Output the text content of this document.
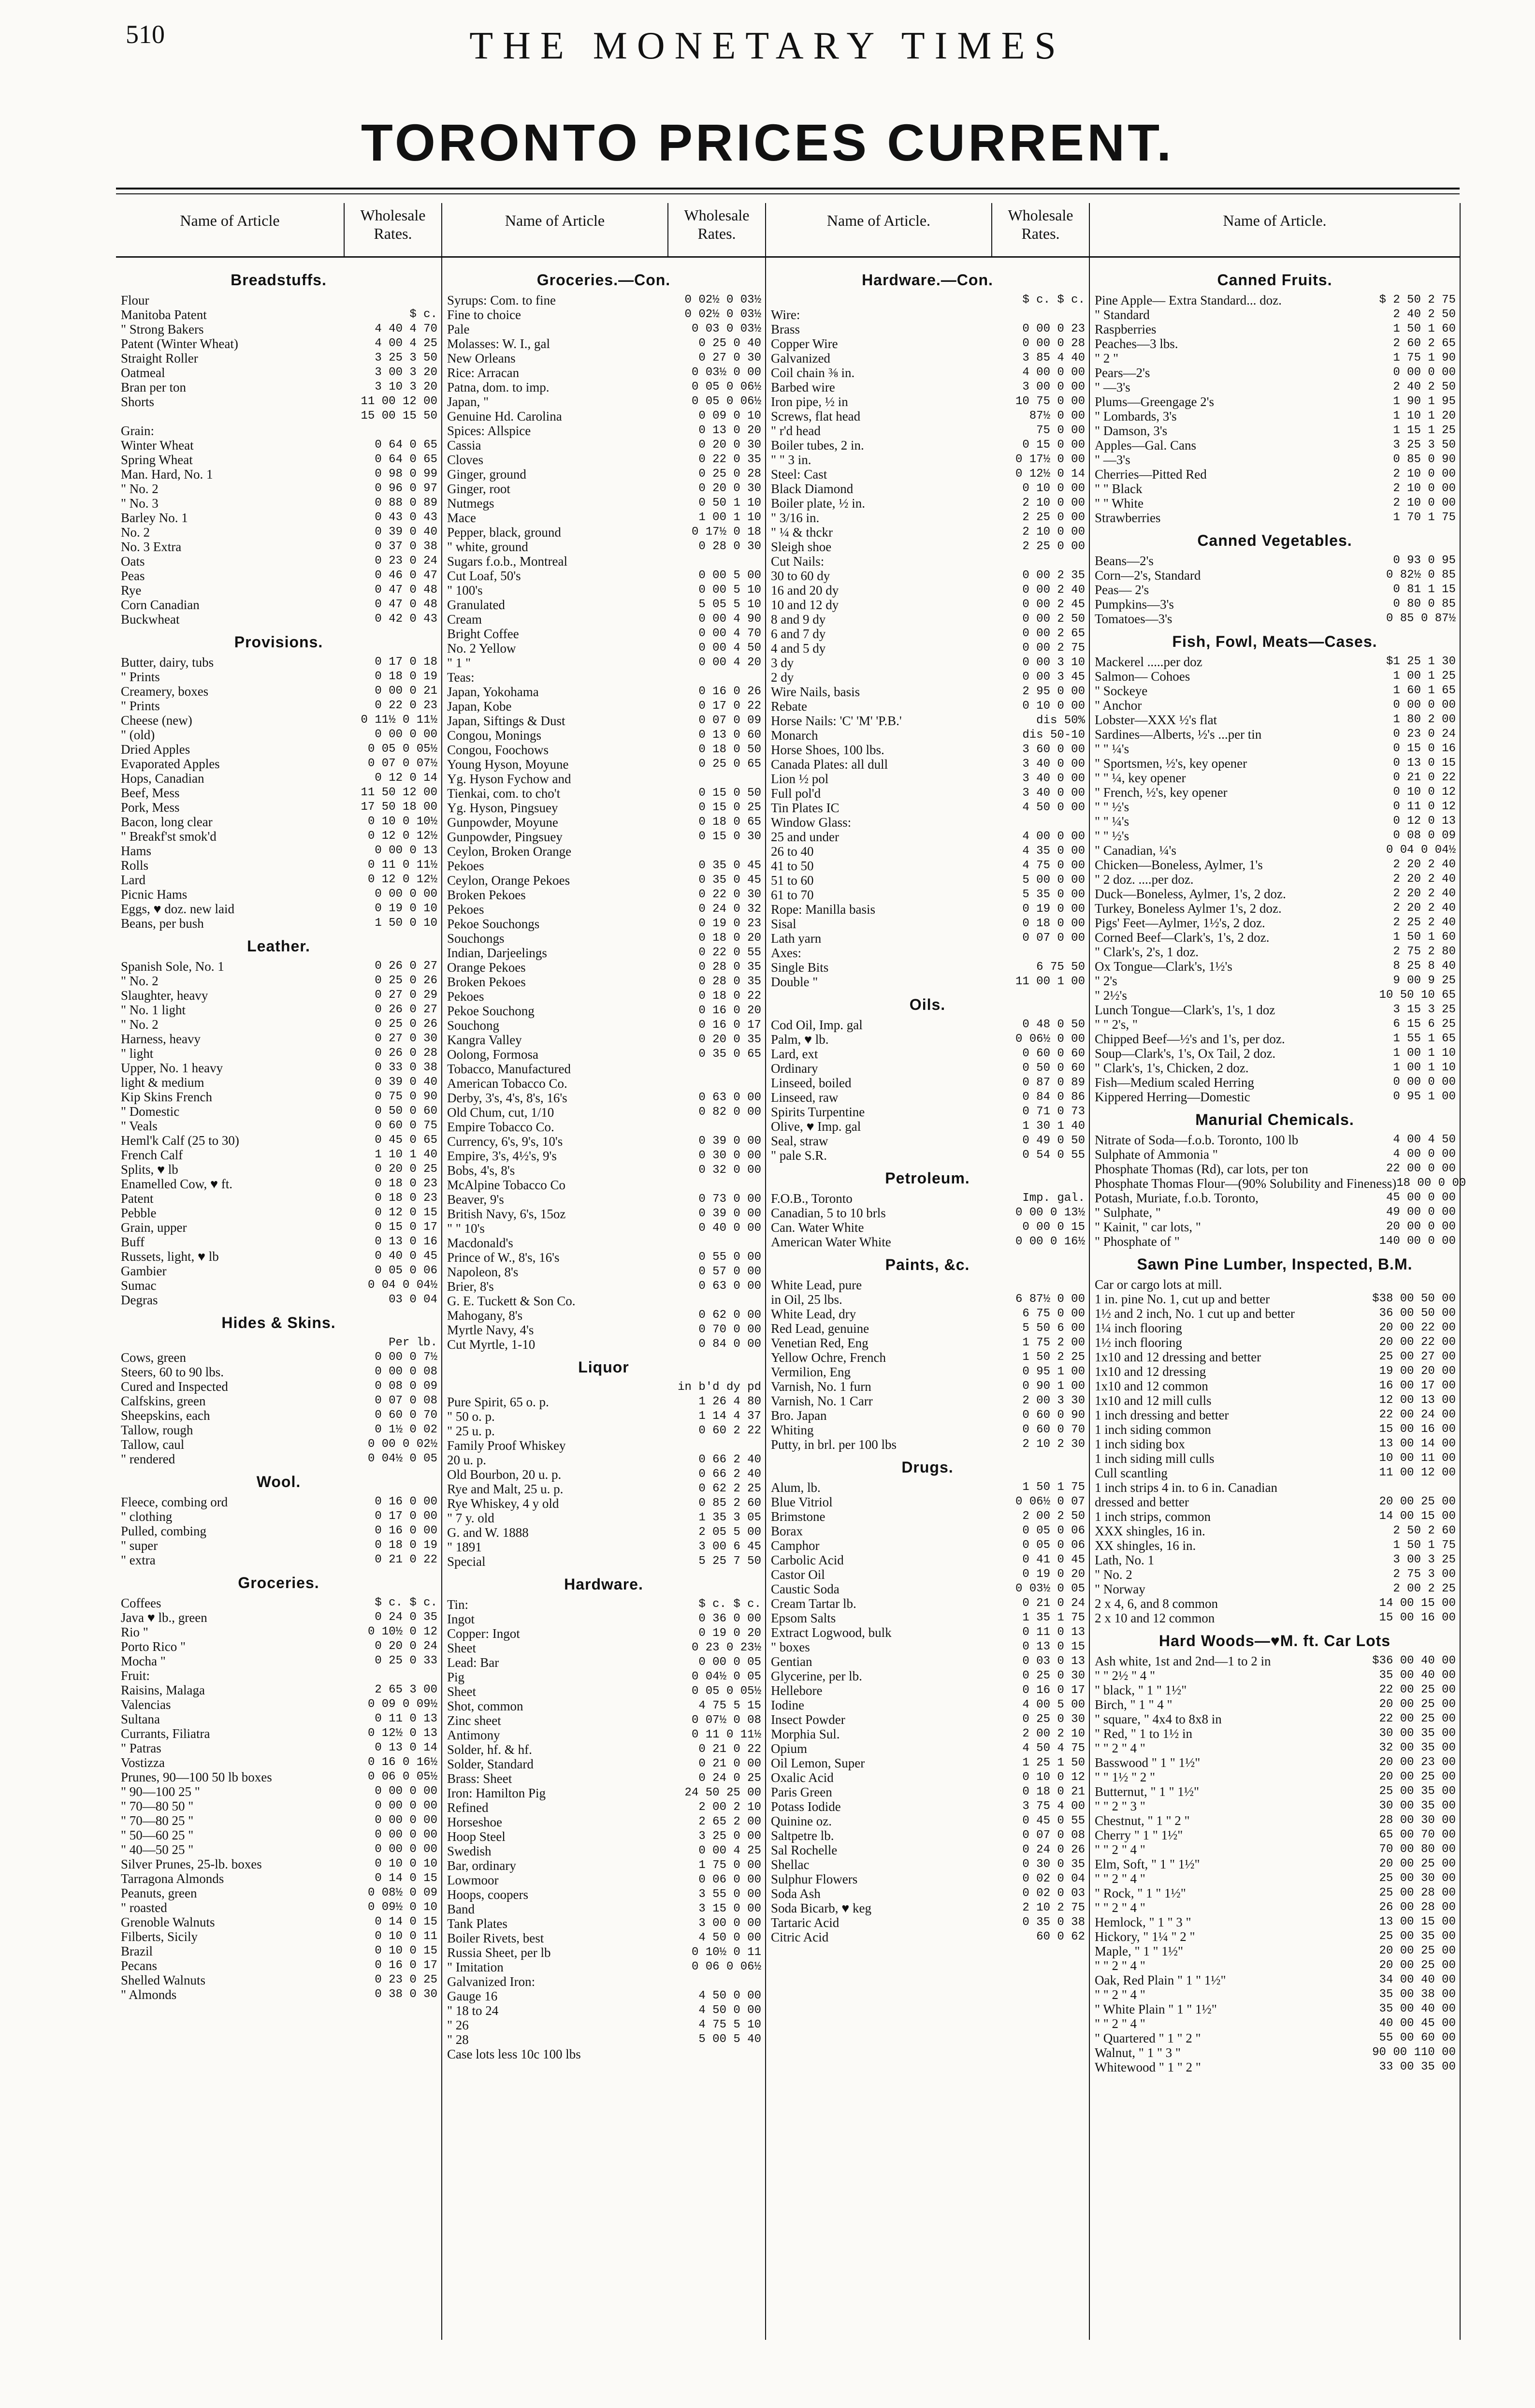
510	THE MONETARY TIMES
TORONTO PRICES CURRENT.
Name of Article	Wholesale Rates.
Breadstuffs.
Flour
Manitoba Patent	$ c.
" Strong Bakers	4 40 4 70
Patent (Winter Wheat)	4 00 4 25
Straight Roller	3 25 3 50
Oatmeal	3 00 3 20
Bran per ton	3 10 3 20
Shorts	11 00 12 00
15 00 15 50
Grain:
Winter Wheat	0 64 0 65
Spring Wheat	0 64 0 65
Man. Hard, No. 1	0 98 0 99
" No. 2	0 96 0 97
" No. 3	0 88 0 89
Barley No. 1	0 43 0 43
No. 2	0 39 0 40
No. 3 Extra	0 37 0 38
Oats	0 23 0 24
Peas	0 46 0 47
Rye	0 47 0 48
Corn Canadian	0 47 0 48
Buckwheat	0 42 0 43
Provisions.
Butter, dairy, tubs	0 17 0 18
" Prints	0 18 0 19
Creamery, boxes	0 00 0 21
" Prints	0 22 0 23
Cheese (new)	0 11½ 0 11½
" (old)	0 00 0 00
Dried Apples	0 05 0 05½
Evaporated Apples	0 07 0 07½
Hops, Canadian	0 12 0 14
Beef, Mess	11 50 12 00
Pork, Mess	17 50 18 00
Bacon, long clear	0 10 0 10½
" Breakf'st smok'd	0 12 0 12½
Hams	0 00 0 13
Rolls	0 11 0 11½
Lard	0 12 0 12½
Picnic Hams	0 00 0 00
Eggs, ♥ doz. new laid	0 19 0 10
Beans, per bush	1 50 0 10
Leather.
Spanish Sole, No. 1	0 26 0 27
" No. 2	0 25 0 26
Slaughter, heavy	0 27 0 29
" No. 1 light	0 26 0 27
" No. 2	0 25 0 26
Harness, heavy	0 27 0 30
" light	0 26 0 28
Upper, No. 1 heavy	0 33 0 38
light & medium	0 39 0 40
Kip Skins French	0 75 0 90
" Domestic	0 50 0 60
" Veals	0 60 0 75
Heml'k Calf (25 to 30)	0 45 0 65
French Calf	1 10 1 40
Splits, ♥ lb	0 20 0 25
Enamelled Cow, ♥ ft.	0 18 0 23
Patent	0 18 0 23
Pebble	0 12 0 15
Grain, upper	0 15 0 17
Buff	0 13 0 16
Russets, light, ♥ lb	0 40 0 45
Gambier	0 05 0 06
Sumac	0 04 0 04½
Degras	03 0 04
Hides & Skins.
Per lb.
Cows, green	0 00 0 7½
Steers, 60 to 90 lbs.	0 00 0 08
Cured and Inspected	0 08 0 09
Calfskins, green	0 07 0 08
Sheepskins, each	0 60 0 70
Tallow, rough	0 1½ 0 02
Tallow, caul	0 00 0 02½
" rendered	0 04½ 0 05
Wool.
Fleece, combing ord	0 16 0 00
" clothing	0 17 0 00
Pulled, combing	0 16 0 00
" super	0 18 0 19
" extra	0 21 0 22
Groceries.
Coffees	$ c. $ c.
Java ♥ lb., green	0 24 0 35
Rio "	0 10½ 0 12
Porto Rico "	0 20 0 24
Mocha "	0 25 0 33
Fruit:
Raisins, Malaga	2 65 3 00
Valencias	0 09 0 09½
Sultana	0 11 0 13
Currants, Filiatra	0 12½ 0 13
" Patras	0 13 0 14
Vostizza	0 16 0 16½
Prunes, 90—100 50 lb boxes	0 06 0 05½
" 90—100 25 "	0 00 0 00
" 70—80 50 "	0 00 0 00
" 70—80 25 "	0 00 0 00
" 50—60 25 "	0 00 0 00
" 40—50 25 "	0 00 0 00
Silver Prunes, 25-lb. boxes	0 10 0 10
Tarragona Almonds	0 14 0 15
Peanuts, green	0 08½ 0 09
" roasted	0 09½ 0 10
Grenoble Walnuts	0 14 0 15
Filberts, Sicily	0 10 0 11
Brazil	0 10 0 15
Pecans	0 16 0 17
Shelled Walnuts	0 23 0 25
" Almonds	0 38 0 30
Name of Article	Wholesale Rates.
Groceries.—Con.
Syrups: Com. to fine	0 02½ 0 03½
Fine to choice	0 02½ 0 03½
Pale	0 03 0 03½
Molasses: W. I., gal	0 25 0 40
New Orleans	0 27 0 30
Rice: Arracan	0 03½ 0 00
Patna, dom. to imp.	0 05 0 06½
Japan, "	0 05 0 06½
Genuine Hd. Carolina	0 09 0 10
Spices: Allspice	0 13 0 20
Cassia	0 20 0 30
Cloves	0 22 0 35
Ginger, ground	0 25 0 28
Ginger, root	0 20 0 30
Nutmegs	0 50 1 10
Mace	1 00 1 10
Pepper, black, ground	0 17½ 0 18
" white, ground	0 28 0 30
Sugars f.o.b., Montreal
Cut Loaf, 50's	0 00 5 00
" 100's	0 00 5 10
Granulated	5 05 5 10
Cream	0 00 4 90
Bright Coffee	0 00 4 70
No. 2 Yellow	0 00 4 50
" 1 "	0 00 4 20
Teas:
Japan, Yokohama	0 16 0 26
Japan, Kobe	0 17 0 22
Japan, Siftings & Dust	0 07 0 09
Congou, Monings	0 13 0 60
Congou, Foochows	0 18 0 50
Young Hyson, Moyune	0 25 0 65
Yg. Hyson Fychow and
Tienkai, com. to cho't	0 15 0 50
Yg. Hyson, Pingsuey	0 15 0 25
Gunpowder, Moyune	0 18 0 65
Gunpowder, Pingsuey	0 15 0 30
Ceylon, Broken Orange
Pekoes	0 35 0 45
Ceylon, Orange Pekoes	0 35 0 45
Broken Pekoes	0 22 0 30
Pekoes	0 24 0 32
Pekoe Souchongs	0 19 0 23
Souchongs	0 18 0 20
Indian, Darjeelings	0 22 0 55
Orange Pekoes	0 28 0 35
Broken Pekoes	0 28 0 35
Pekoes	0 18 0 22
Pekoe Souchong	0 16 0 20
Souchong	0 16 0 17
Kangra Valley	0 20 0 35
Oolong, Formosa	0 35 0 65
Tobacco, Manufactured
American Tobacco Co.
Derby, 3's, 4's, 8's, 16's	0 63 0 00
Old Chum, cut, 1/10	0 82 0 00
Empire Tobacco Co.
Currency, 6's, 9's, 10's	0 39 0 00
Empire, 3's, 4½'s, 9's	0 30 0 00
Bobs, 4's, 8's	0 32 0 00
McAlpine Tobacco Co
Beaver, 9's	0 73 0 00
British Navy, 6's, 15oz	0 39 0 00
" " 10's	0 40 0 00
Macdonald's
Prince of W., 8's, 16's	0 55 0 00
Napoleon, 8's	0 57 0 00
Brier, 8's	0 63 0 00
G. E. Tuckett & Son Co.
Mahogany, 8's	0 62 0 00
Myrtle Navy, 4's	0 70 0 00
Cut Myrtle, 1-10	0 84 0 00
Liquor
in b'd dy pd
Pure Spirit, 65 o. p.	1 26 4 80
" 50 o. p.	1 14 4 37
" 25 u. p.	0 60 2 22
Family Proof Whiskey
20 u. p.	0 66 2 40
Old Bourbon, 20 u. p.	0 66 2 40
Rye and Malt, 25 u. p.	0 62 2 25
Rye Whiskey, 4 y old	0 85 2 60
" 7 y. old	1 35 3 05
G. and W. 1888	2 05 5 00
" 1891	3 00 6 45
Special	5 25 7 50
Hardware.
Tin:	$ c. $ c.
Ingot	0 36 0 00
Copper: Ingot	0 19 0 20
Sheet	0 23 0 23½
Lead: Bar	0 00 0 05
Pig	0 04½ 0 05
Sheet	0 05 0 05½
Shot, common	4 75 5 15
Zinc sheet	0 07½ 0 08
Antimony	0 11 0 11½
Solder, hf. & hf.	0 21 0 22
Solder, Standard	0 21 0 00
Brass: Sheet	0 24 0 25
Iron: Hamilton Pig	24 50 25 00
Refined	2 00 2 10
Horseshoe	2 65 2 00
Hoop Steel	3 25 0 00
Swedish	0 00 4 25
Bar, ordinary	1 75 0 00
Lowmoor	0 06 0 00
Hoops, coopers	3 55 0 00
Band	3 15 0 00
Tank Plates	3 00 0 00
Boiler Rivets, best	4 50 0 00
Russia Sheet, per lb	0 10½ 0 11
" Imitation	0 06 0 06½
Galvanized Iron:
Gauge 16	4 50 0 00
" 18 to 24	4 50 0 00
" 26	4 75 5 10
" 28	5 00 5 40
Case lots less 10c 100 lbs
Name of Article.	Wholesale Rates.
Hardware.—Con.
$ c. $ c.
Wire:
Brass	0 00 0 23
Copper Wire	0 00 0 28
Galvanized	3 85 4 40
Coil chain ⅜ in.	4 00 0 00
Barbed wire	3 00 0 00
Iron pipe, ½ in	10 75 0 00
Screws, flat head	87½ 0 00
" r'd head	75 0 00
Boiler tubes, 2 in.	0 15 0 00
" " 3 in.	0 17½ 0 00
Steel: Cast	0 12½ 0 14
Black Diamond	0 10 0 00
Boiler plate, ½ in.	2 10 0 00
" 3/16 in.	2 25 0 00
" ¼ & thckr	2 10 0 00
Sleigh shoe	2 25 0 00
Cut Nails:
30 to 60 dy	0 00 2 35
16 and 20 dy	0 00 2 40
10 and 12 dy	0 00 2 45
8 and 9 dy	0 00 2 50
6 and 7 dy	0 00 2 65
4 and 5 dy	0 00 2 75
3 dy	0 00 3 10
2 dy	0 00 3 45
Wire Nails, basis	2 95 0 00
Rebate	0 10 0 00
Horse Nails: 'C' 'M' 'P.B.'	dis 50%
Monarch	dis 50-10
Horse Shoes, 100 lbs.	3 60 0 00
Canada Plates: all dull	3 40 0 00
Lion ½ pol	3 40 0 00
Full pol'd	3 40 0 00
Tin Plates IC	4 50 0 00
Window Glass:
25 and under	4 00 0 00
26 to 40	4 35 0 00
41 to 50	4 75 0 00
51 to 60	5 00 0 00
61 to 70	5 35 0 00
Rope: Manilla basis	0 19 0 00
Sisal	0 18 0 00
Lath yarn	0 07 0 00
Axes:
Single Bits	6 75 50
Double "	11 00 1 00
Oils.
Cod Oil, Imp. gal	0 48 0 50
Palm, ♥ lb.	0 06½ 0 00
Lard, ext	0 60 0 60
Ordinary	0 50 0 60
Linseed, boiled	0 87 0 89
Linseed, raw	0 84 0 86
Spirits Turpentine	0 71 0 73
Olive, ♥ Imp. gal	1 30 1 40
Seal, straw	0 49 0 50
" pale S.R.	0 54 0 55
Petroleum.
F.O.B., Toronto	Imp. gal.
Canadian, 5 to 10 brls	0 00 0 13½
Can. Water White	0 00 0 15
American Water White	0 00 0 16½
Paints, &c.
White Lead, pure
in Oil, 25 lbs.	6 87½ 0 00
White Lead, dry	6 75 0 00
Red Lead, genuine	5 50 6 00
Venetian Red, Eng	1 75 2 00
Yellow Ochre, French	1 50 2 25
Vermilion, Eng	0 95 1 00
Varnish, No. 1 furn	0 90 1 00
Varnish, No. 1 Carr	2 00 3 30
Bro. Japan	0 60 0 90
Whiting	0 60 0 70
Putty, in brl. per 100 lbs	2 10 2 30
Drugs.
Alum, lb.	1 50 1 75
Blue Vitriol	0 06½ 0 07
Brimstone	2 00 2 50
Borax	0 05 0 06
Camphor	0 05 0 06
Carbolic Acid	0 41 0 45
Castor Oil	0 19 0 20
Caustic Soda	0 03½ 0 05
Cream Tartar lb.	0 21 0 24
Epsom Salts	1 35 1 75
Extract Logwood, bulk	0 11 0 13
" boxes	0 13 0 15
Gentian	0 03 0 13
Glycerine, per lb.	0 25 0 30
Hellebore	0 16 0 17
Iodine	4 00 5 00
Insect Powder	0 25 0 30
Morphia Sul.	2 00 2 10
Opium	4 50 4 75
Oil Lemon, Super	1 25 1 50
Oxalic Acid	0 10 0 12
Paris Green	0 18 0 21
Potass Iodide	3 75 4 00
Quinine oz.	0 45 0 55
Saltpetre lb.	0 07 0 08
Sal Rochelle	0 24 0 26
Shellac	0 30 0 35
Sulphur Flowers	0 02 0 04
Soda Ash	0 02 0 03
Soda Bicarb, ♥ keg	2 10 2 75
Tartaric Acid	0 35 0 38
Citric Acid	60 0 62
Name of Article.
Canned Fruits.
Pine Apple— Extra Standard... doz.	$ 2 50 2 75
" Standard	2 40 2 50
Raspberries	1 50 1 60
Peaches—3 lbs.	2 60 2 65
" 2 "	1 75 1 90
Pears—2's	0 00 0 00
" —3's	2 40 2 50
Plums—Greengage 2's	1 90 1 95
" Lombards, 3's	1 10 1 20
" Damson, 3's	1 15 1 25
Apples—Gal. Cans	3 25 3 50
" —3's	0 85 0 90
Cherries—Pitted Red	2 10 0 00
" " Black	2 10 0 00
" " White	2 10 0 00
Strawberries	1 70 1 75
Canned Vegetables.
Beans—2's	0 93 0 95
Corn—2's, Standard	0 82½ 0 85
Peas— 2's	0 81 1 15
Pumpkins—3's	0 80 0 85
Tomatoes—3's	0 85 0 87½
Fish, Fowl, Meats—Cases.
Mackerel .....per doz	$1 25 1 30
Salmon— Cohoes	1 00 1 25
" Sockeye	1 60 1 65
" Anchor	0 00 0 00
Lobster—XXX ½'s flat	1 80 2 00
Sardines—Alberts, ½'s ...per tin	0 23 0 24
" " ¼'s	0 15 0 16
" Sportsmen, ½'s, key opener	0 13 0 15
" " ¼, key opener	0 21 0 22
" French, ½'s, key opener	0 10 0 12
" " ½'s	0 11 0 12
" " ¼'s	0 12 0 13
" " ½'s	0 08 0 09
" Canadian, ¼'s	0 04 0 04½
Chicken—Boneless, Aylmer, 1's	2 20 2 40
" 2 doz. ....per doz.	2 20 2 40
Duck—Boneless, Aylmer, 1's, 2 doz.	2 20 2 40
Turkey, Boneless Aylmer 1's, 2 doz.	2 20 2 40
Pigs' Feet—Aylmer, 1½'s, 2 doz.	2 25 2 40
Corned Beef—Clark's, 1's, 2 doz.	1 50 1 60
" Clark's, 2's, 1 doz.	2 75 2 80
Ox Tongue—Clark's, 1½'s	8 25 8 40
" 2's	9 00 9 25
" 2½'s	10 50 10 65
Lunch Tongue—Clark's, 1's, 1 doz	3 15 3 25
" " 2's, "	6 15 6 25
Chipped Beef—½'s and 1's, per doz.	1 55 1 65
Soup—Clark's, 1's, Ox Tail, 2 doz.	1 00 1 10
" Clark's, 1's, Chicken, 2 doz.	1 00 1 10
Fish—Medium scaled Herring	0 00 0 00
Kippered Herring—Domestic	0 95 1 00
Manurial Chemicals.
Nitrate of Soda—f.o.b. Toronto, 100 lb	4 00 4 50
Sulphate of Ammonia "	4 00 0 00
Phosphate Thomas (Rd), car lots, per ton	22 00 0 00
Phosphate Thomas Flour—(90% Solubility and Fineness) 18 00 0 00
Potash, Muriate, f.o.b. Toronto,	45 00 0 00
" Sulphate, "	49 00 0 00
" Kainit, " car lots, "	20 00 0 00
" Phosphate of "	140 00 0 00
Sawn Pine Lumber, Inspected, B.M.
Car or cargo lots at mill.
1 in. pine No. 1, cut up and better	$38 00 50 00
1½ and 2 inch, No. 1 cut up and better	36 00 50 00
1¼ inch flooring	20 00 22 00
1½ inch flooring	20 00 22 00
1x10 and 12 dressing and better	25 00 27 00
1x10 and 12 dressing	19 00 20 00
1x10 and 12 common	16 00 17 00
1x10 and 12 mill culls	12 00 13 00
1 inch dressing and better	22 00 24 00
1 inch siding common	15 00 16 00
1 inch siding box	13 00 14 00
1 inch siding mill culls	10 00 11 00
Cull scantling	11 00 12 00
1 inch strips 4 in. to 6 in. Canadian
dressed and better	20 00 25 00
1 inch strips, common	14 00 15 00
XXX shingles, 16 in.	2 50 2 60
XX shingles, 16 in.	1 50 1 75
Lath, No. 1	3 00 3 25
" No. 2	2 75 3 00
" Norway	2 00 2 25
2 x 4, 6, and 8 common	14 00 15 00
2 x 10 and 12 common	15 00 16 00
Hard Woods—♥M. ft. Car Lots
Ash white, 1st and 2nd—1 to 2 in	$36 00 40 00
" " 2½ " 4 "	35 00 40 00
" black, " 1 " 1½"	22 00 25 00
Birch, " 1 " 4 "	20 00 25 00
" square, " 4x4 to 8x8 in	22 00 25 00
" Red, " 1 to 1½ in	30 00 35 00
" " 2 " 4 "	32 00 35 00
Basswood " 1 " 1½"	20 00 23 00
" " 1½ " 2 "	20 00 25 00
Butternut, " 1 " 1½"	25 00 35 00
" " 2 " 3 "	30 00 35 00
Chestnut, " 1 " 2 "	28 00 30 00
Cherry " 1 " 1½"	65 00 70 00
" " 2 " 4 "	70 00 80 00
Elm, Soft, " 1 " 1½"	20 00 25 00
" " 2 " 4 "	25 00 30 00
" Rock, " 1 " 1½"	25 00 28 00
" " 2 " 4 "	26 00 28 00
Hemlock, " 1 " 3 "	13 00 15 00
Hickory, " 1¼ " 2 "	25 00 35 00
Maple, " 1 " 1½"	20 00 25 00
" " 2 " 4 "	20 00 25 00
Oak, Red Plain " 1 " 1½"	34 00 40 00
" " 2 " 4 "	35 00 38 00
" White Plain " 1 " 1½"	35 00 40 00
" " 2 " 4 "	40 00 45 00
" Quartered " 1 " 2 "	55 00 60 00
Walnut, " 1 " 3 "	90 00 110 00
Whitewood " 1 " 2 "	33 00 35 00
